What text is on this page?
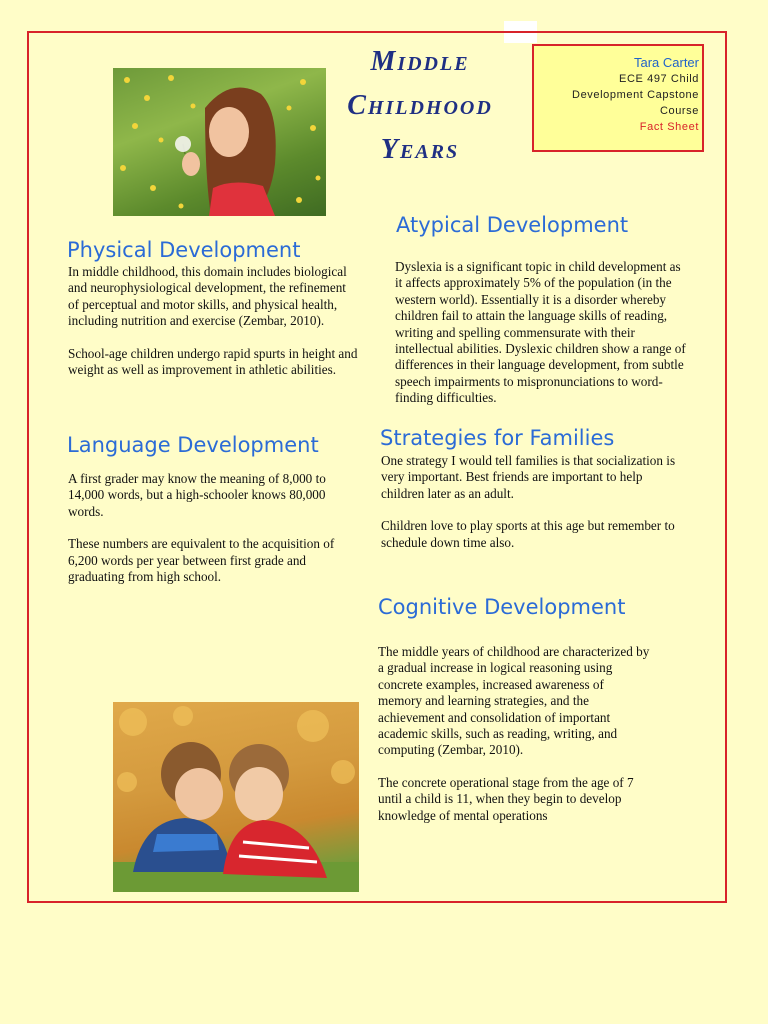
Middle
Childhood
Years
Tara Carter
ECE 497 Child
Development Capstone
Course
Fact Sheet
Physical Development

In middle childhood, this domain includes biological and neurophysiological development, the refinement of perceptual and motor skills, and physical health, including nutrition and exercise (Zembar, 2010).

School-age children undergo rapid spurts in height and weight as well as improvement in athletic abilities.

Language Development

A first grader may know the meaning of 8,000 to 14,000 words, but a high-schooler knows 80,000 words.

These numbers are equivalent to the acquisition of 6,200 words per year between first grade and graduating from high school.

Atypical Development

Dyslexia is a significant topic in child development as it affects approximately 5% of the population (in the western world). Essentially it is a disorder whereby children fail to attain the language skills of reading, writing and spelling commensurate with their intellectual abilities. Dyslexic children show a range of differences in their language development, from subtle speech impairments to mispronunciations to word-finding difficulties.

Strategies for Families

One strategy I would tell families is that socialization is very important. Best friends are important to help children later as an adult.

Children love to play sports at this age but remember to schedule down time also.

Cognitive Development

The middle years of childhood are characterized by a gradual increase in logical reasoning using concrete examples, increased awareness of memory and learning strategies, and the achievement and consolidation of important academic skills, such as reading, writing, and computing (Zembar, 2010).

The concrete operational stage from the age of 7 until a child is 11, when they begin to develop knowledge of mental operations
